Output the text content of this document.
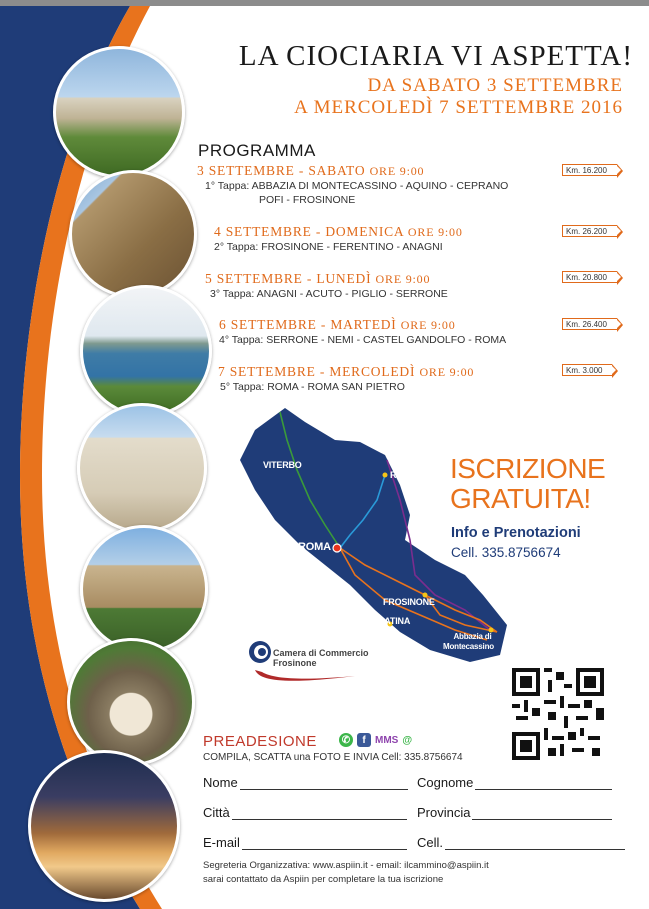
LA CIOCIARIA VI ASPETTA!
DA SABATO 3 SETTEMBRE
A MERCOLEDÌ 7 SETTEMBRE 2016
PROGRAMMA
3 SETTEMBRE - SABATO ORE 9:00
1° Tappa: ABBAZIA DI MONTECASSINO - AQUINO - CEPRANO
POFI - FROSINONE
Km. 16.200
4 SETTEMBRE - DOMENICA ORE 9:00
2° Tappa: FROSINONE - FERENTINO - ANAGNI
Km. 26.200
5 SETTEMBRE - LUNEDÌ ORE 9:00
3° Tappa: ANAGNI - ACUTO - PIGLIO - SERRONE
Km. 20.800
6 SETTEMBRE - MARTEDÌ ORE 9:00
4° Tappa: SERRONE - NEMI - CASTEL GANDOLFO - ROMA
Km. 26.400
7 SETTEMBRE - MERCOLEDÌ ORE 9:00
5° Tappa: ROMA - ROMA SAN PIETRO
Km. 3.000
VITERBO
RIETI
ROMA
FROSINONE
LATINA
Abbazia di
Montecassino
ISCRIZIONE
GRATUITA!
Info e Prenotazioni
Cell. 335.8756674
Camera di Commercio
Frosinone
PREADESIONE ✆	f MMS @
COMPILA, SCATTA una FOTO E INVIA Cell: 335.8756674
Nome	Cognome
Città	Provincia
E-mail	Cell.
Segreteria Organizzativa: www.aspiin.it - email: ilcammino@aspiin.it
sarai contattato da Aspiin per completare la tua iscrizione
